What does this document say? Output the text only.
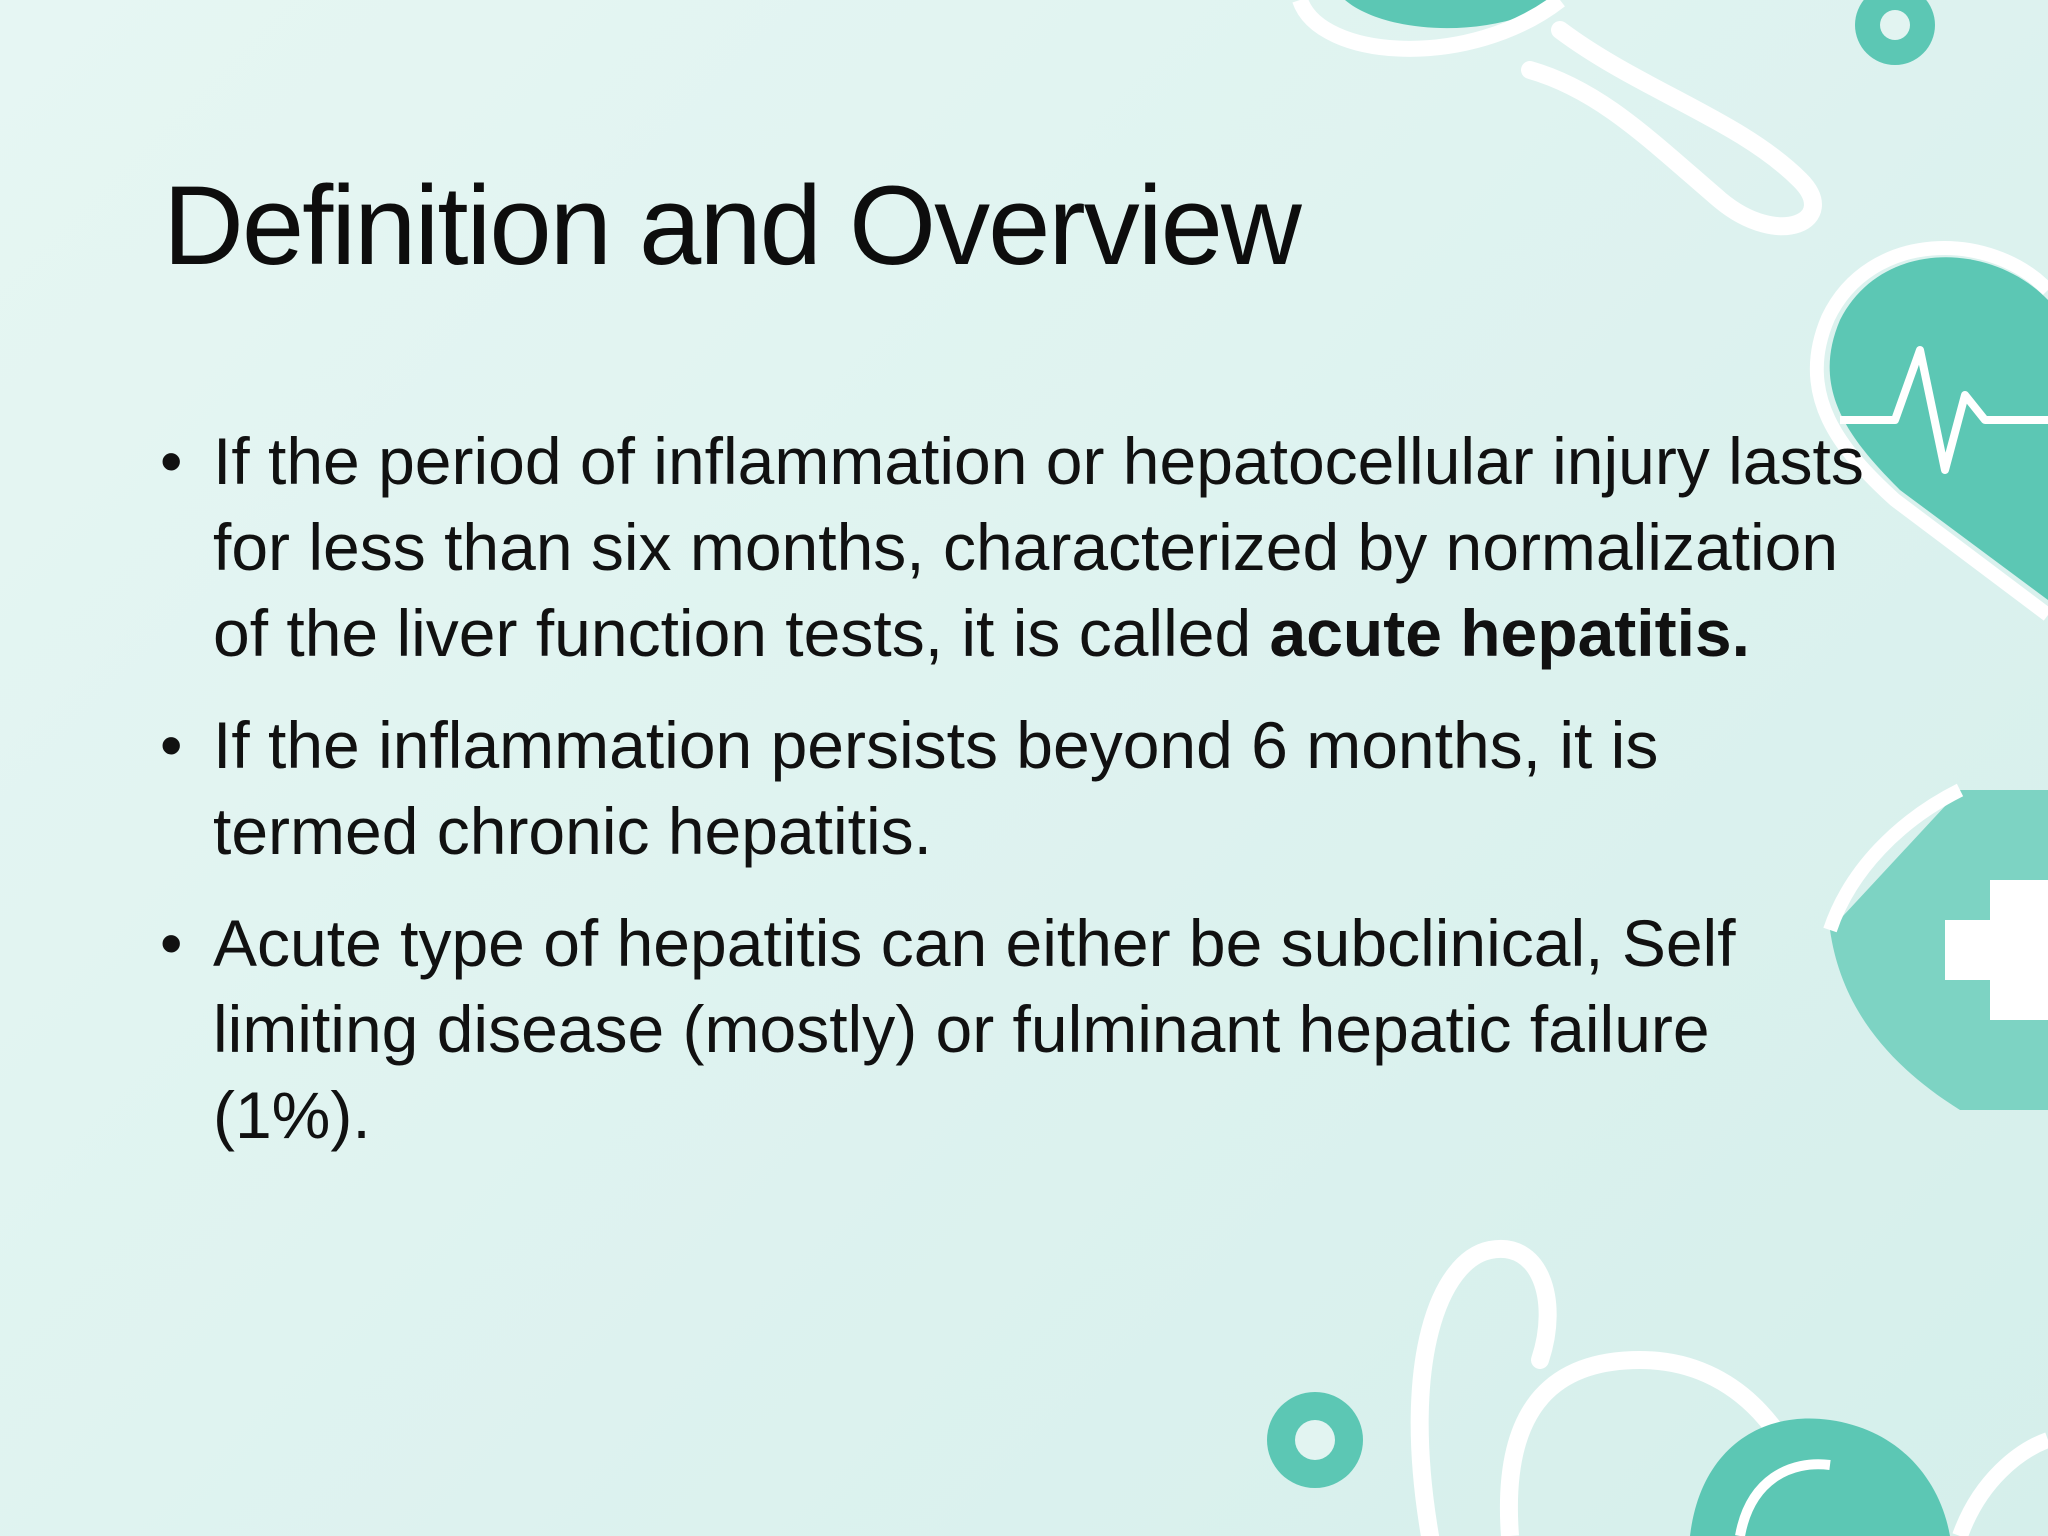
Definition and Overview
• If the period of inflammation or hepatocellular injury lasts for less than six months, characterized by normalization of the liver function tests, it is called acute hepatitis.
• If the inflammation persists beyond 6 months, it is termed chronic hepatitis.
• Acute type of hepatitis can either be subclinical, Self limiting disease (mostly) or fulminant hepatic failure (1%).
